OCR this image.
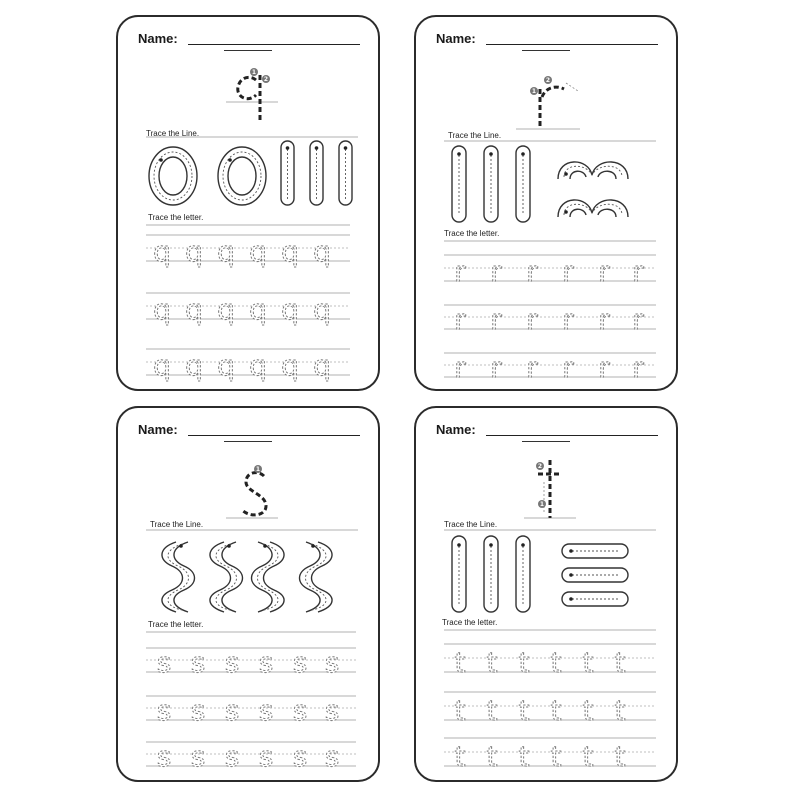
Name:
Trace the Line.
Trace the letter.
1
2
q q q q q q
q q q q q q
q q q q q q
Name:
Trace the Line.
Trace the letter.
1
2
r r r r r r
r r r r r r
r r r r r r
Name:
Trace the Line.
Trace the letter.
1
s s s s s s
s s s s s s
s s s s s s
Name:
Trace the Line.
Trace the letter.
2
1
t t t t t t
t t t t t t
t t t t t t
